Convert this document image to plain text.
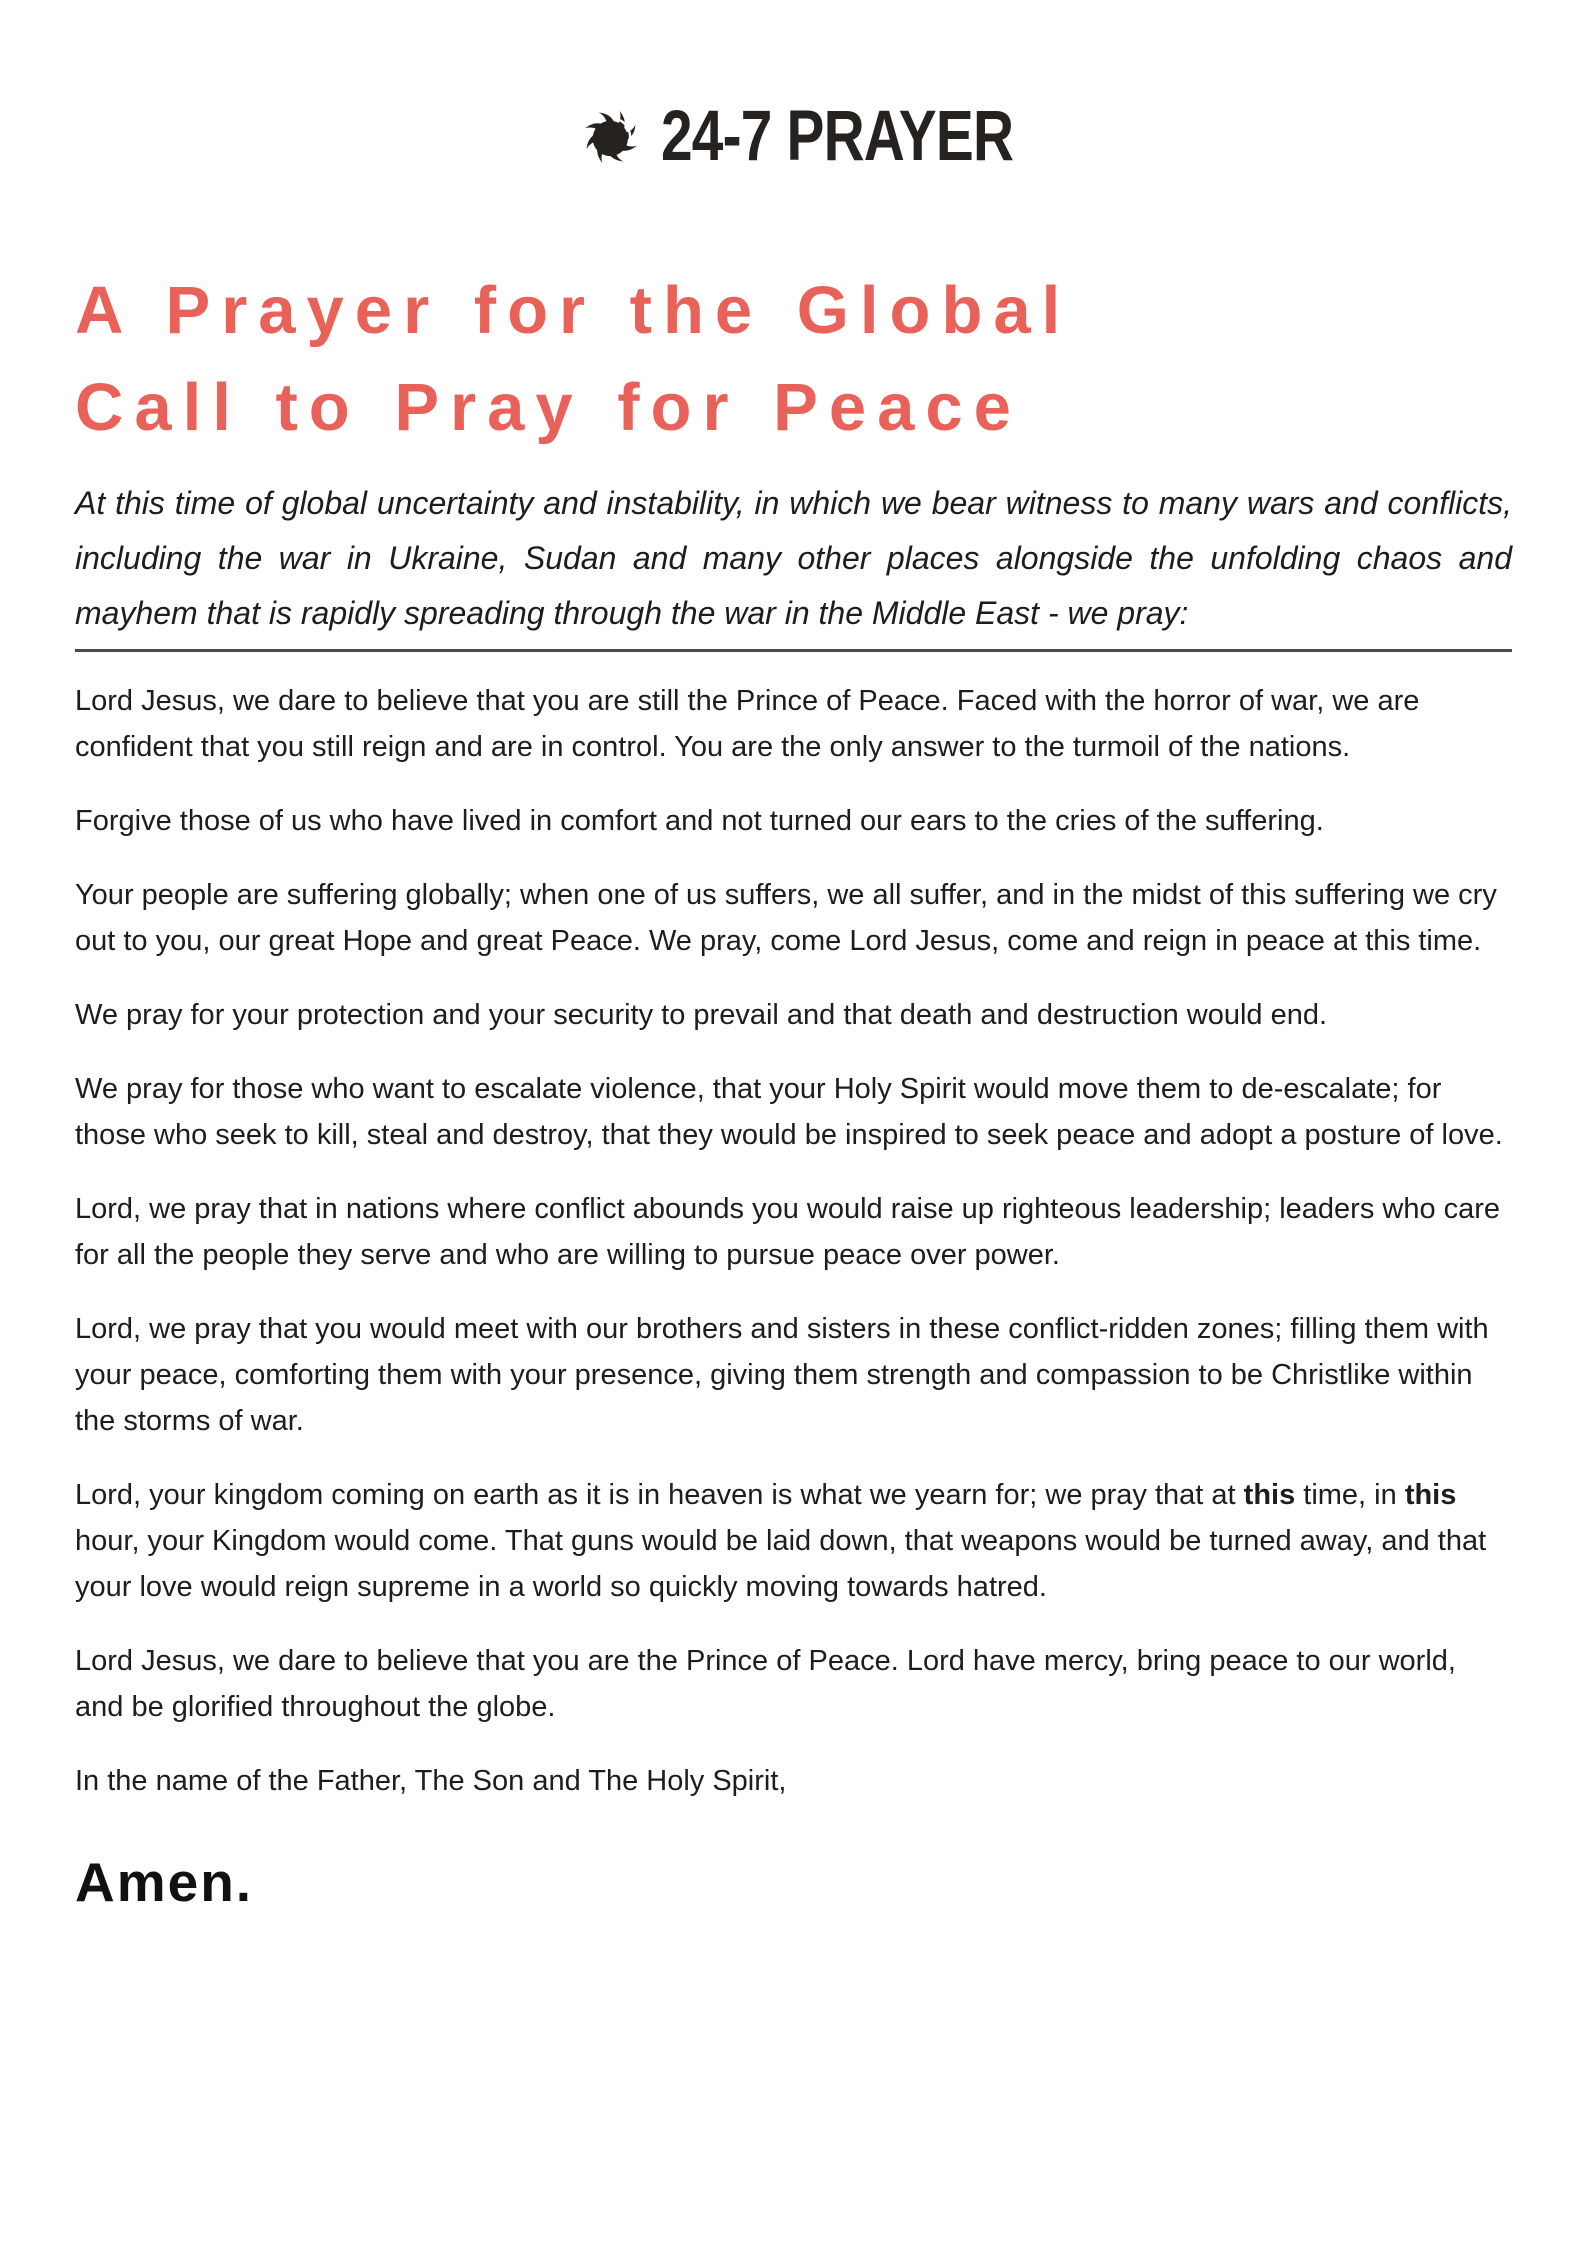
24-7 PRAYER
A Prayer for the Global
Call to Pray for Peace

At this time of global uncertainty and instability, in which we bear witness to many wars and conflicts, including the war in Ukraine, Sudan and many other places alongside the unfolding chaos and mayhem that is rapidly spreading through the war in the Middle East - we pray:

Lord Jesus, we dare to believe that you are still the Prince of Peace. Faced with the horror of war, we are confident that you still reign and are in control. You are the only answer to the turmoil of the nations.

Forgive those of us who have lived in comfort and not turned our ears to the cries of the suffering.

Your people are suffering globally; when one of us suffers, we all suffer, and in the midst of this suffering we cry out to you, our great Hope and great Peace. We pray, come Lord Jesus, come and reign in peace at this time.

We pray for your protection and your security to prevail and that death and destruction would end.

We pray for those who want to escalate violence, that your Holy Spirit would move them to de-escalate; for those who seek to kill, steal and destroy, that they would be inspired to seek peace and adopt a posture of love.

Lord, we pray that in nations where conflict abounds you would raise up righteous leadership; leaders who care for all the people they serve and who are willing to pursue peace over power.

Lord, we pray that you would meet with our brothers and sisters in these conflict-ridden zones; filling them with your peace, comforting them with your presence, giving them strength and compassion to be Christlike within the storms of war.

Lord, your kingdom coming on earth as it is in heaven is what we yearn for; we pray that at this time, in this hour, your Kingdom would come. That guns would be laid down, that weapons would be turned away, and that your love would reign supreme in a world so quickly moving towards hatred.

Lord Jesus, we dare to believe that you are the Prince of Peace. Lord have mercy, bring peace to our world, and be glorified throughout the globe.

In the name of the Father, The Son and The Holy Spirit,

Amen.
